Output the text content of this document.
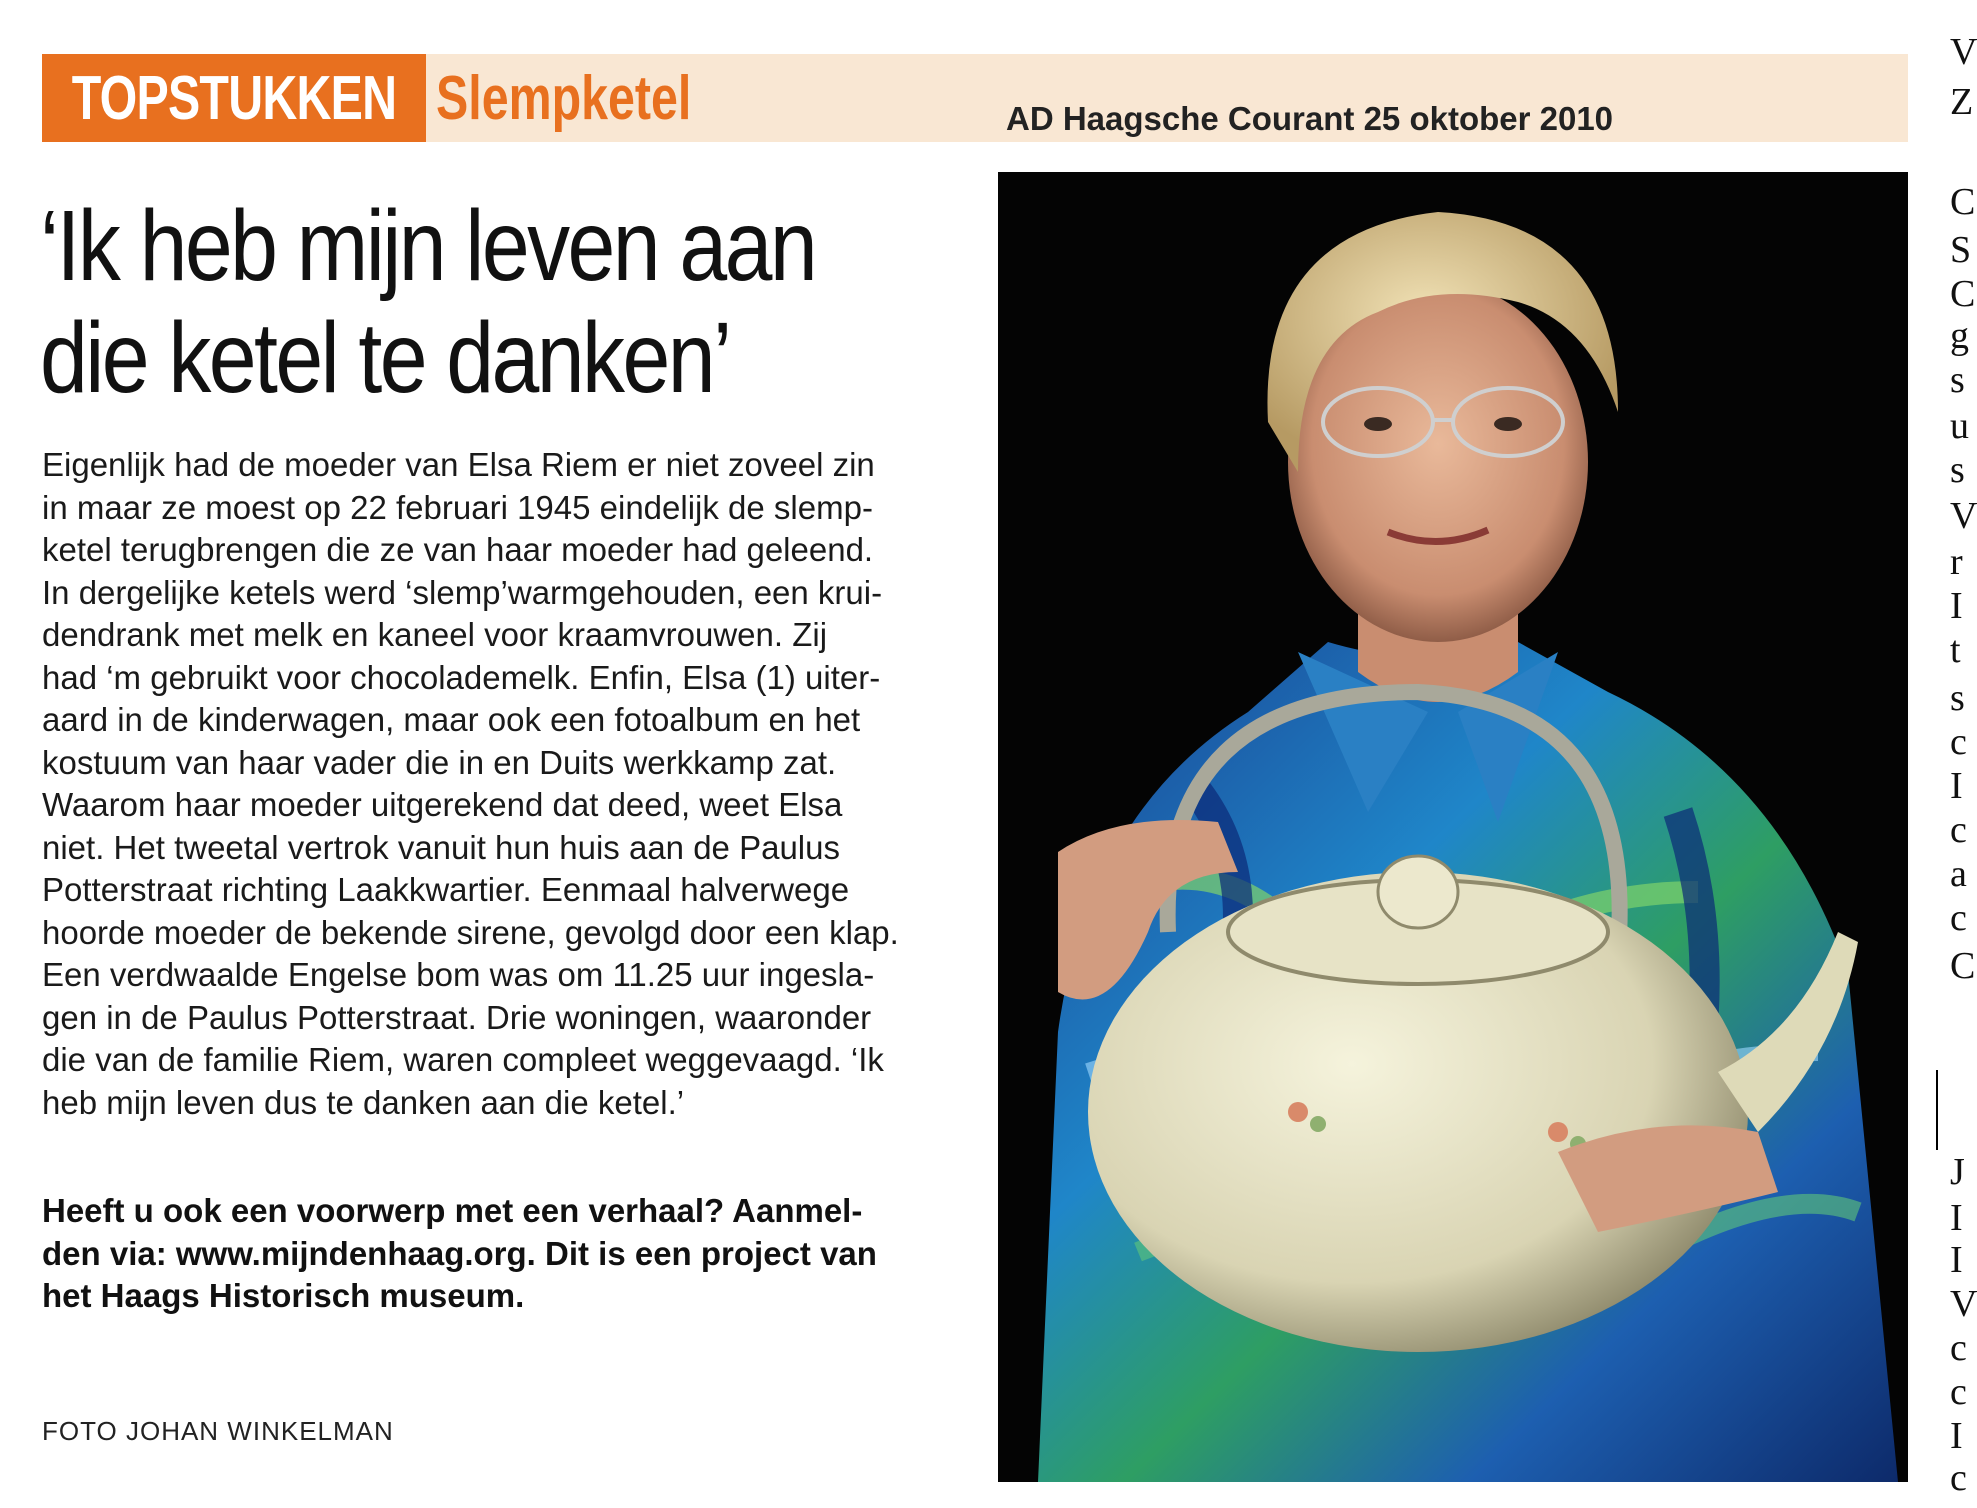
TOPSTUKKEN Slempketel	AD Haagsche Courant 25 oktober 2010
‘Ik heb mijn leven aan
die ketel te danken’
Eigenlijk had de moeder van Elsa Riem er niet zoveel zin
in maar ze moest op 22 februari 1945 eindelijk de slemp-
ketel terugbrengen die ze van haar moeder had geleend.
In dergelijke ketels werd ‘slemp’warmgehouden, een krui-
dendrank met melk en kaneel voor kraamvrouwen. Zij
had ‘m gebruikt voor chocolademelk. Enfin, Elsa (1) uiter-
aard in de kinderwagen, maar ook een fotoalbum en het
kostuum van haar vader die in en Duits werkkamp zat.
Waarom haar moeder uitgerekend dat deed, weet Elsa
niet. Het tweetal vertrok vanuit hun huis aan de Paulus
Potterstraat richting Laakkwartier. Eenmaal halverwege
hoorde moeder de bekende sirene, gevolgd door een klap.
Een verdwaalde Engelse bom was om 11.25 uur ingesla-
gen in de Paulus Potterstraat. Drie woningen, waaronder
die van de familie Riem, waren compleet weggevaagd. ‘Ik
heb mijn leven dus te danken aan die ketel.’
Heeft u ook een voorwerp met een verhaal? Aanmel-
den via: www.mijndenhaag.org. Dit is een project van
het Haags Historisch museum.
FOTO JOHAN WINKELMAN
V
Z
C
S
C
g
s
u
s
V
r
I
t
s
c
I
c
a
c
C
J
I
I
V
c
c
I
c
